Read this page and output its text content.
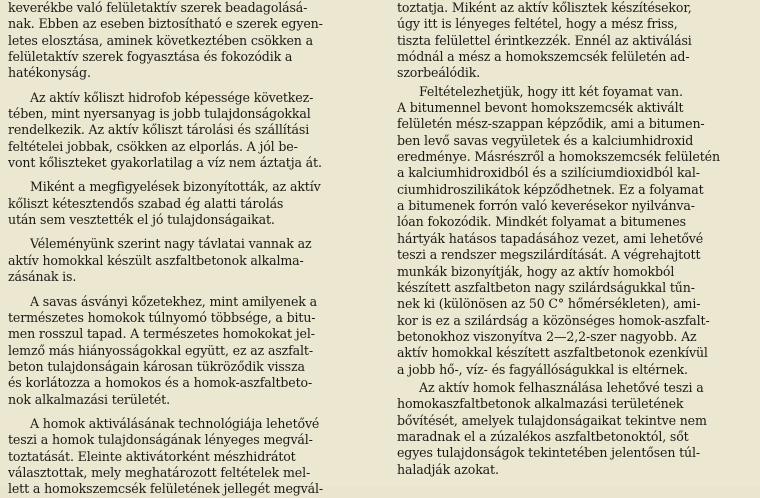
keverékbe való felületaktív szerek beadagolásá-
nak. Ebben az eseben biztosítható e szerek egyen-
letes elosztása, aminek következtében csökken a
felületaktív szerek fogyasztása és fokozódik a
hatékonyság.

Az aktív kőliszt hidrofob képessége következ-
tében, mint nyersanyag is jobb tulajdonságokkal
rendelkezik. Az aktív kőliszt tárolási és szállítási
feltételei jobbak, csökken az elporlás. A jól be-
vont kőliszteket gyakorlatilag a víz nem áztatja át.

Miként a megfigyelések bizonyították, az aktív
kőliszt kétesztendős szabad ég alatti tárolás
után sem vesztették el jó tulajdonságaikat.

Véleményünk szerint nagy távlatai vannak az
aktív homokkal készült aszfaltbetonok alkalma-
zásának is.

A savas ásványi kőzetekhez, mint amilyenek a
természetes homokok túlnyomó többsége, a bitu-
men rosszul tapad. A természetes homokokat jel-
lemző más hiányosságokkal együtt, ez az aszfalt-
beton tulajdonságain károsan tükröződik vissza
és korlátozza a homokos és a homok-aszfaltbeto-
nok alkalmazási területét.

A homok aktiválásának technológiája lehetővé
teszi a homok tulajdonságának lényeges megvál-
toztatását. Eleinte aktivátorként mészhidrátot
választottak, mely meghatározott feltételek mel-
lett a homokszemcsék felületének jellegét megvál-

toztatja. Miként az aktív kőlisztek készítésekor,
úgy itt is lényeges feltétel, hogy a mész friss,
tiszta felülettel érintkezzék. Ennél az aktiválási
módnál a mész a homokszemcsék felületén ad-
szorbeálódik.

Feltételezhetjük, hogy itt két foyamat van.
A bitumennel bevont homokszemcsék aktivált
felületén mész-szappan képződik, ami a bitumen-
ben levő savas vegyületek és a kalciumhidroxid
eredménye. Másrészről a homokszemcsék felületén
a kalciumhidroxidból és a szilíciumdioxidból kal-
ciumhidroszilikátok képződhetnek. Ez a folyamat
a bitumenek forrón való keverésekor nyilvánva-
lóan fokozódik. Mindkét folyamat a bitumenes
hártyák hatásos tapadásához vezet, ami lehetővé
teszi a rendszer megszilárdítását. A végrehajtott
munkák bizonyítják, hogy az aktív homokból
készített aszfaltbeton nagy szilárdságukkal tűn-
nek ki (különösen az 50 C° hőmérsékleten), ami-
kor is ez a szilárdság a közönséges homok-aszfalt-
betonokhoz viszonyítva 2—2,2-szer nagyobb. Az
aktív homokkal készített aszfaltbetonok ezenkívül
a jobb hő-, víz- és fagyállóságukkal is eltérnek.

Az aktív homok felhasználása lehetővé teszi a
homokaszfaltbetonok alkalmazási területének
bővítését, amelyek tulajdonságaikat tekintve nem
maradnak el a zúzalékos aszfaltbetonoktól, sőt
egyes tulajdonságok tekintetében jelentősen túl-
haladják azokat.
